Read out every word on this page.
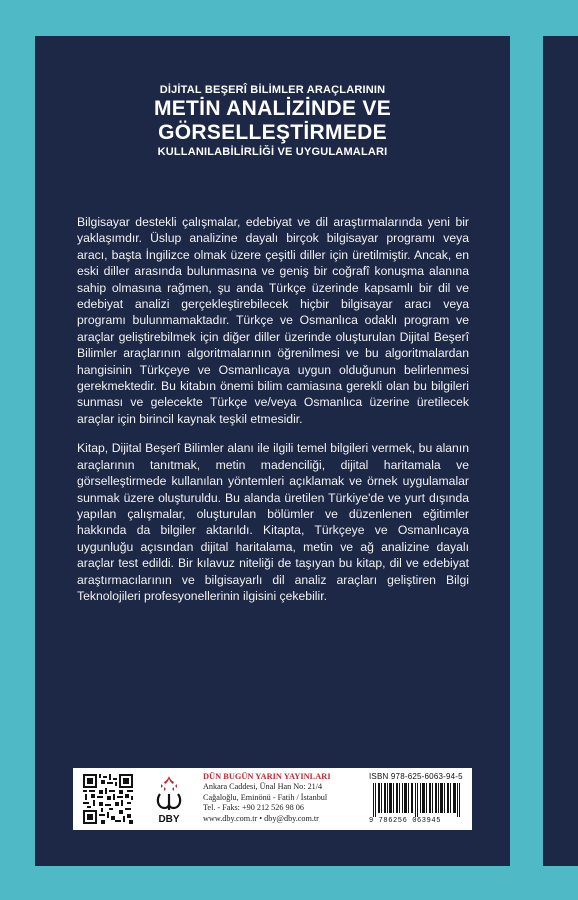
DİJİTAL BEŞERÎ BİLİMLER ARAÇLARININ
METİN ANALİZİNDE VE
GÖRSELLEŞTİRMEDE
KULLANILABİLİRLİĞİ VE UYGULAMALARI

Bilgisayar destekli çalışmalar, edebiyat ve dil araştırmalarında yeni bir yaklaşımdır. Üslup analizine dayalı birçok bilgisayar programı veya aracı, başta İngilizce olmak üzere çeşitli diller için üretilmiştir. Ancak, en eski diller arasında bulunmasına ve geniş bir coğrafî konuşma alanına sahip olmasına rağmen, şu anda Türkçe üzerinde kapsamlı bir dil ve edebiyat analizi gerçekleştirebilecek hiçbir bilgisayar aracı veya programı bulunmamaktadır. Türkçe ve Osmanlıca odaklı program ve araçlar geliştirebilmek için diğer diller üzerinde oluşturulan Dijital Beşerî Bilimler araçlarının algoritmalarının öğrenilmesi ve bu algoritmalardan hangisinin Türkçeye ve Osmanlıcaya uygun olduğunun belirlenmesi gerekmektedir. Bu kitabın önemi bilim camiasına gerekli olan bu bilgileri sunması ve gelecekte Türkçe ve/veya Osmanlıca üzerine üretilecek araçlar için birincil kaynak teşkil etmesidir.

Kitap, Dijital Beşerî Bilimler alanı ile ilgili temel bilgileri vermek, bu alanın araçlarının tanıtmak, metin madenciliği, dijital haritamala ve görselleştirmede kullanılan yöntemleri açıklamak ve örnek uygulamalar sunmak üzere oluşturuldu. Bu alanda üretilen Türkiye'de ve yurt dışında yapılan çalışmalar, oluşturulan bölümler ve düzenlenen eğitimler hakkında da bilgiler aktarıldı. Kitapta, Türkçeye ve Osmanlıcaya uygunluğu açısından dijital haritalama, metin ve ağ analizine dayalı araçlar test edildi. Bir kılavuz niteliği de taşıyan bu kitap, dil ve edebiyat araştırmacılarının ve bilgisayarlı dil analiz araçları geliştiren Bilgi Teknolojileri profesyonellerinin ilgisini çekebilir.

DBY
DÜN BUGÜN YARIN YAYINLARI
Ankara Caddesi, Ünal Han No: 21/4
Cağaloğlu, Eminönü - Fatih / İstanbul
Tel. - Faks: +90 212 526 98 06
www.dby.com.tr • dby@dby.com.tr
ISBN 978-625-6063-94-5
9 786256 063945
